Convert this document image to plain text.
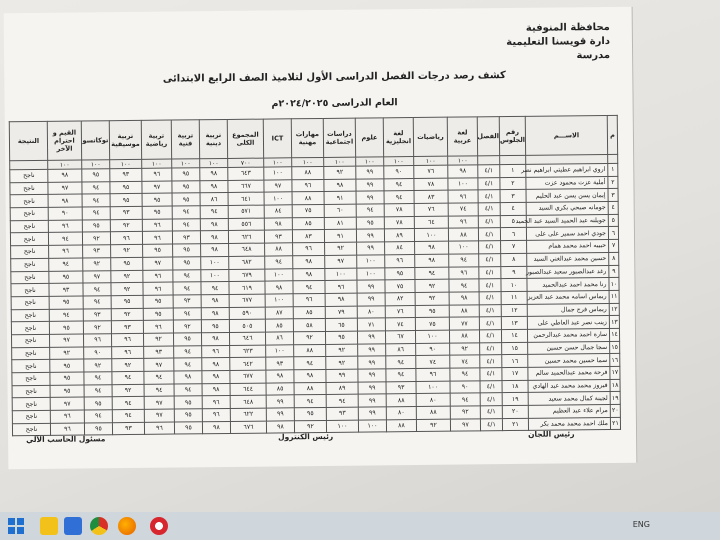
محافظة المنوفية
دارة قويسنا التعليمية
مدرسة
كشف رصد درجات الفصل الدراسى الأول لتلاميذ الصف الرابع الابتدائى
العام الدراسى ٢٠٢٤/٢٠٢٥م
م	الاســـم	رقم الجلوس	الفصل	لغة عربية	رياضيات	لغة انجليزية	علوم	دراسات اجتماعية	مهارات مهنية	ICT	المجموع الكلى	تربية دينية	تربية فنية	تربية رياضية	تربية موسيقية	توكاتسو	القيم و احترام الآخر	النتيجة
				١٠٠	١٠٠	١٠٠	١٠٠	١٠٠	١٠٠	١٠٠	٧٠٠	١٠٠	١٠٠	١٠٠	١٠٠	١٠٠	١٠٠	
١	اروي ابراهيم عطيتي ابراهيم نصر	١	٤/١	٩٨	٧٦	٩٠	٩٩	٩٢	٨٨	١٠٠	٦٤٣	٩٨	٩٥	٩٦	٩٣	٩٥	٩٨	ناجح
٢	أملية عزت محمود عزت	٢	٤/١	١٠٠	٧٨	٩٤	٩٩	٩٨	٩٦	٩٧	٦٦٧	٩٨	٩٥	٩٧	٩٥	٩٤	٩٧	ناجح
٣	إيمان يسن يسن عبد الحليم	٣	٤/١	٩٦	٨٣	٩٤	٩٩	٩١	٨٨	١٠٠	٦٤١	٨٦	٩٥	٩٥	٩٥	٩٤	٩٨	ناجح
٤	جومانه صبحي بكري السيد	٤	٤/١	٧٤	٧٦	٧٨	٩٤	٦٠	٧٥	٨٤	٥٧١	٩٤	٩٤	٩٥	٩٣	٩٤	٩٠	ناجح
٥	جويلنه عبد الحميد السيد عبد الحميد	٥	٤/١	٩٦	٦٤	٧٨	٩٥	٨١	٨٥	٩٨	٥٥٦	٩٨	٩٤	٩٦	٩٢	٩٥	٩٦	ناجح
٦	جودي احمد سمير على على	٦	٤/١	٨٨	١٠٠	٨٩	٩٩	٩١	٨٣	٩٣	٦٢٦	٩٨	٩٣	٩٦	٩٦	٩٢	٩٤	ناجح
٧	حبيبه احمد محمد همام	٧	٤/١	١٠٠	٩٨	٨٤	٩٩	٩٢	٩٦	٨٨	٦٤٨	٩٨	٩٥	٩٥	٩٢	٩٣	٩٦	ناجح
٨	حسين محمد عبدالغني السيد	٨	٤/١	٩٤	٩٨	٩٦	١٠٠	٩٧	٩٨	٩٤	٦٨٢	١٠٠	٩٥	٩٧	٩٥	٩٢	٩٤	ناجح
٩	رغد عبدالصبور سعيد عبدالصبور	٩	٤/١	٩٦	٩٤	٩٥	١٠٠	١٠٠	٩٨	١٠٠	٦٧٩	١٠٠	٩٤	٩٦	٩٢	٩٧	٩٥	ناجح
١٠	رنا محمد احمد عبدالحميد	١٠	٤/١	٩٤	٩٢	٧٥	٩٩	٩٦	٩٤	٩٨	٦١٩	٩٤	٩٤	٩٦	٩٢	٩٤	٩٣	ناجح
١١	ريماس اسامه محمد عبد العزيز	١١	٤/١	٩٨	٩٢	٨٢	٩٩	٩٨	٩٦	١٠٠	٦٧٧	٩٨	٩٣	٩٥	٩٥	٩٤	٩٥	ناجح
١٢	ريماس فرج جمال	١٢	٤/١	٨٨	٩٥	٧٦	٨٠	٧٩	٨٥	٨٧	٥٩٠	٩٨	٩٤	٩٥	٩٢	٩٣	٩٤	ناجح
١٣	زينب نصر عبد العاطي على	١٣	٤/١	٧٧	٧٥	٧٤	٧١	٦٥	٥٨	٨٥	٥٠٥	٩٥	٩٢	٩٦	٩٣	٩٢	٩٥	ناجح
١٤	سارة احمد محمد عبدالرحمن	١٤	٤/١	٨٨	١٠٠	٦٧	٩٩	٩٥	٩٢	٨٦	٦٤٦	٩٨	٩٥	٩٢	٩٦	٩٦	٩٧	ناجح
١٥	سجا جمال حسن حسين	١٥	٤/١	٩٢	٩٠	٨٦	٩٩	٩٢	٨٨	١٠٠	٦٢٣	٩٦	٩٤	٩٣	٩٦	٩٠	٩٢	ناجح
١٦	سما حسين محمد حسين	١٦	٤/١	٧٤	٧٤	٩٤	٩٩	٩٢	٩٤	٩٣	٦٤٢	٩٨	٩٤	٩٧	٩٢	٩٢	٩٥	ناجح
١٧	فرحة محمد عبدالحميد سالم	١٧	٤/١	٩٤	٩٦	٩٤	٩٩	٩٩	٩٨	٩٨	٦٧٧	٩٨	٩٨	٩٤	٩٤	٩٤	٩٥	ناجح
١٨	فيروز محمد محمد عبد الهادي	١٨	٤/١	٩٠	١٠٠	٩٣	٩٩	٨٩	٨٨	٨٥	٦٤٤	٩٨	٩٤	٩٤	٩٢	٩٤	٩٥	ناجح
١٩	لجينة كمال محمد سعيد	١٩	٤/١	٩٤	٨٠	٨٨	٩٩	٩٤	٩٤	٩٩	٦٤٨	٩٦	٩٥	٩٧	٩٤	٩٥	٩٧	ناجح
٢٠	مرام علاء عبد العظيم	٢٠	٤/١	٩٢	٨٨	٨٠	٩٩	٩٣	٩٥	٩٩	٦٢٢	٩٦	٩٥	٩٧	٩٤	٩٤	٩٦	ناجح
٢١	ملك احمد محمد محمد بكر	٢١	٤/١	٩٧	٩٢	٨٨	١٠٠	١٠٠	٩٢	٩٨	٦٧٦	٩٨	٩٥	٩٦	٩٣	٩٥	٩٦	ناجح
مسئول الحاسب الآلي	رئيس الكنترول	رئيس اللجان
ENG
